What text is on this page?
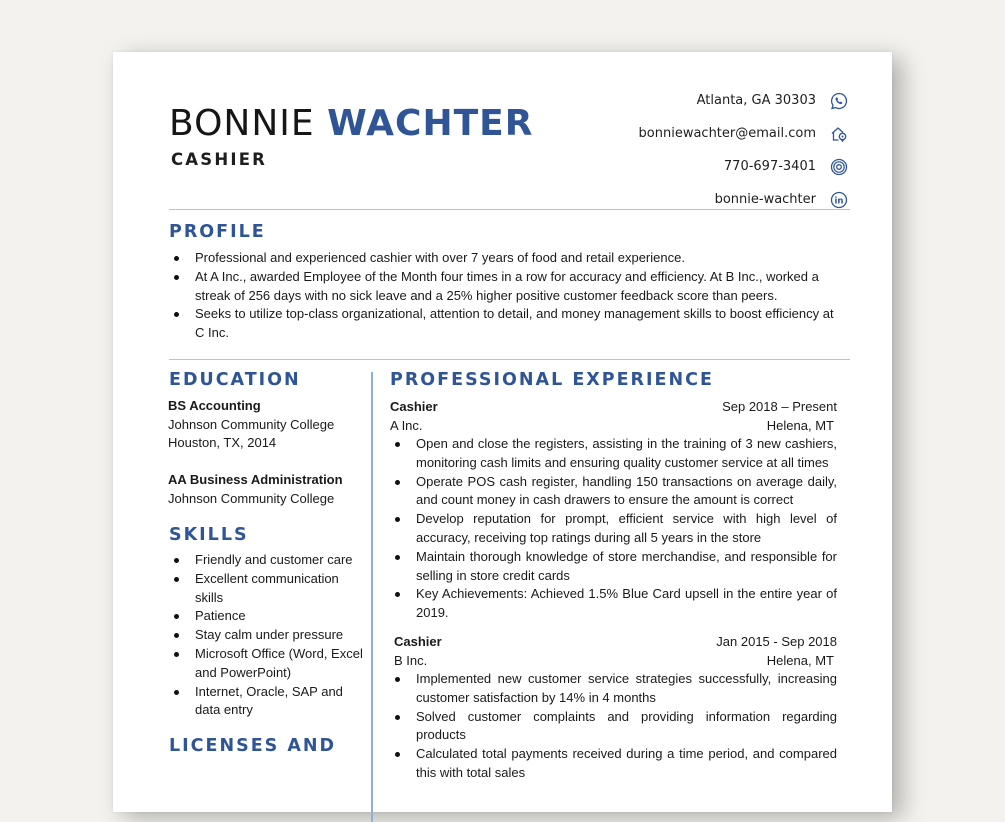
BONNIE WACHTER
CASHIER
Atlanta, GA 30303
bonniewachter@email.com
770-697-3401
bonnie-wachter in
PROFILE
Professional and experienced cashier with over 7 years of food and retail experience.
At A Inc., awarded Employee of the Month four times in a row for accuracy and efficiency. At B Inc., worked a streak of 256 days with no sick leave and a 25% higher positive customer feedback score than peers.
Seeks to utilize top-class organizational, attention to detail, and money management skills to boost efficiency at C Inc.
EDUCATION
BS Accounting
Johnson Community College
Houston, TX, 2014
AA Business Administration
Johnson Community College
SKILLS
Friendly and customer care
Excellent communication skills
Patience
Stay calm under pressure
Microsoft Office (Word, Excel and PowerPoint)
Internet, Oracle, SAP and data entry
LICENSES AND
PROFESSIONAL EXPERIENCE
Cashier	Sep 2018 – Present
A Inc.	Helena, MT
Open and close the registers, assisting in the training of 3 new cashiers, monitoring cash limits and ensuring quality customer service at all times
Operate POS cash register, handling 150 transactions on average daily, and count money in cash drawers to ensure the amount is correct
Develop reputation for prompt, efficient service with high level of accuracy, receiving top ratings during all 5 years in the store
Maintain thorough knowledge of store merchandise, and responsible for selling in store credit cards
Key Achievements: Achieved 1.5% Blue Card upsell in the entire year of 2019.
Cashier	Jan 2015 - Sep 2018
B Inc.	Helena, MT
Implemented new customer service strategies successfully, increasing customer satisfaction by 14% in 4 months
Solved customer complaints and providing information regarding products
Calculated total payments received during a time period, and compared this with total sales
